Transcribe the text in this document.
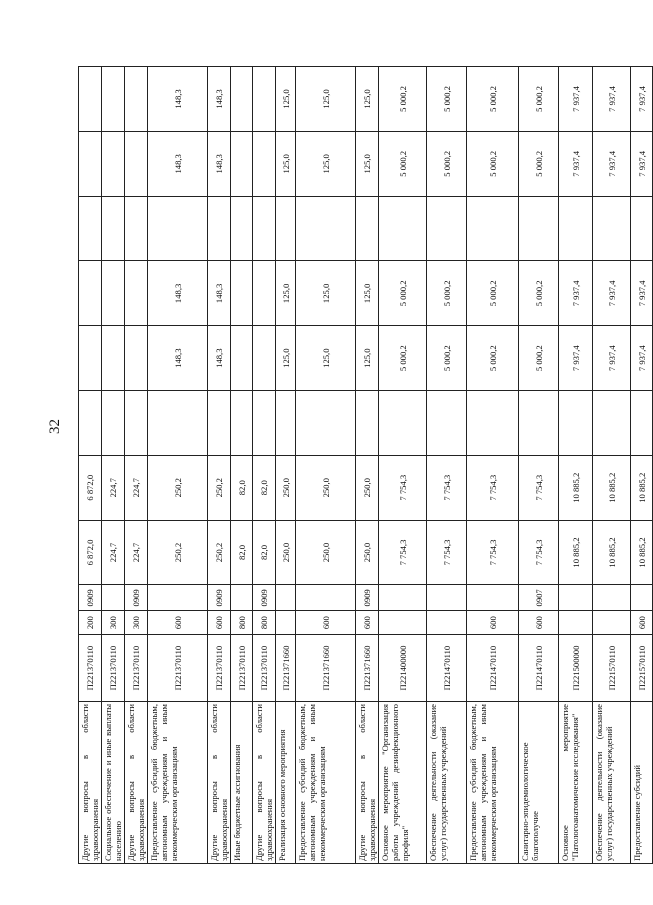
32
Другие вопросы в области здравоохранения	П221370110	200	0909	6 872,0	6 872,0						
Социальное обеспечение и иные выплаты населению	П221370110	300		224,7	224,7						
Другие вопросы в области здравоохранения	П221370110	300	0909	224,7	224,7						
Предоставление субсидий бюджетным, автономным учреждениям и иным некоммерческим организациям	П221370110	600		250,2	250,2		148,3	148,3		148,3	148,3
Другие вопросы в области здравоохранения	П221370110	600	0909	250,2	250,2		148,3	148,3		148,3	148,3
Иные бюджетные ассигнования	П221370110	800		82,0	82,0						
Другие вопросы в области здравоохранения	П221370110	800	0909	82,0	82,0						
Реализация основного мероприятия	П221371660			250,0	250,0		125,0	125,0		125,0	125,0
Предоставление субсидий бюджетным, автономным учреждениям и иным некоммерческим организациям	П221371660	600		250,0	250,0		125,0	125,0		125,0	125,0
Другие вопросы в области здравоохранения	П221371660	600	0909	250,0	250,0		125,0	125,0		125,0	125,0
Основное мероприятие "Организация работы учреждений дезинфекционного профиля"	П221400000			7 754,3	7 754,3		5 000,2	5 000,2		5 000,2	5 000,2
Обеспечение деятельности (оказание услуг) государственных учреждений	П221470110			7 754,3	7 754,3		5 000,2	5 000,2		5 000,2	5 000,2
Предоставление субсидий бюджетным, автономным учреждениям и иным некоммерческим организациям	П221470110	600		7 754,3	7 754,3		5 000,2	5 000,2		5 000,2	5 000,2
Санитарно-эпидемиологическое благополучие	П221470110	600	0907	7 754,3	7 754,3		5 000,2	5 000,2		5 000,2	5 000,2
Основное мероприятие "Патологоанатомические исследования"	П221500000			10 885,2	10 885,2		7 937,4	7 937,4		7 937,4	7 937,4
Обеспечение деятельности (оказание услуг) государственных учреждений	П221570110			10 885,2	10 885,2		7 937,4	7 937,4		7 937,4	7 937,4
Предоставление субсидий	П221570110	600		10 885,2	10 885,2		7 937,4	7 937,4		7 937,4	7 937,4
